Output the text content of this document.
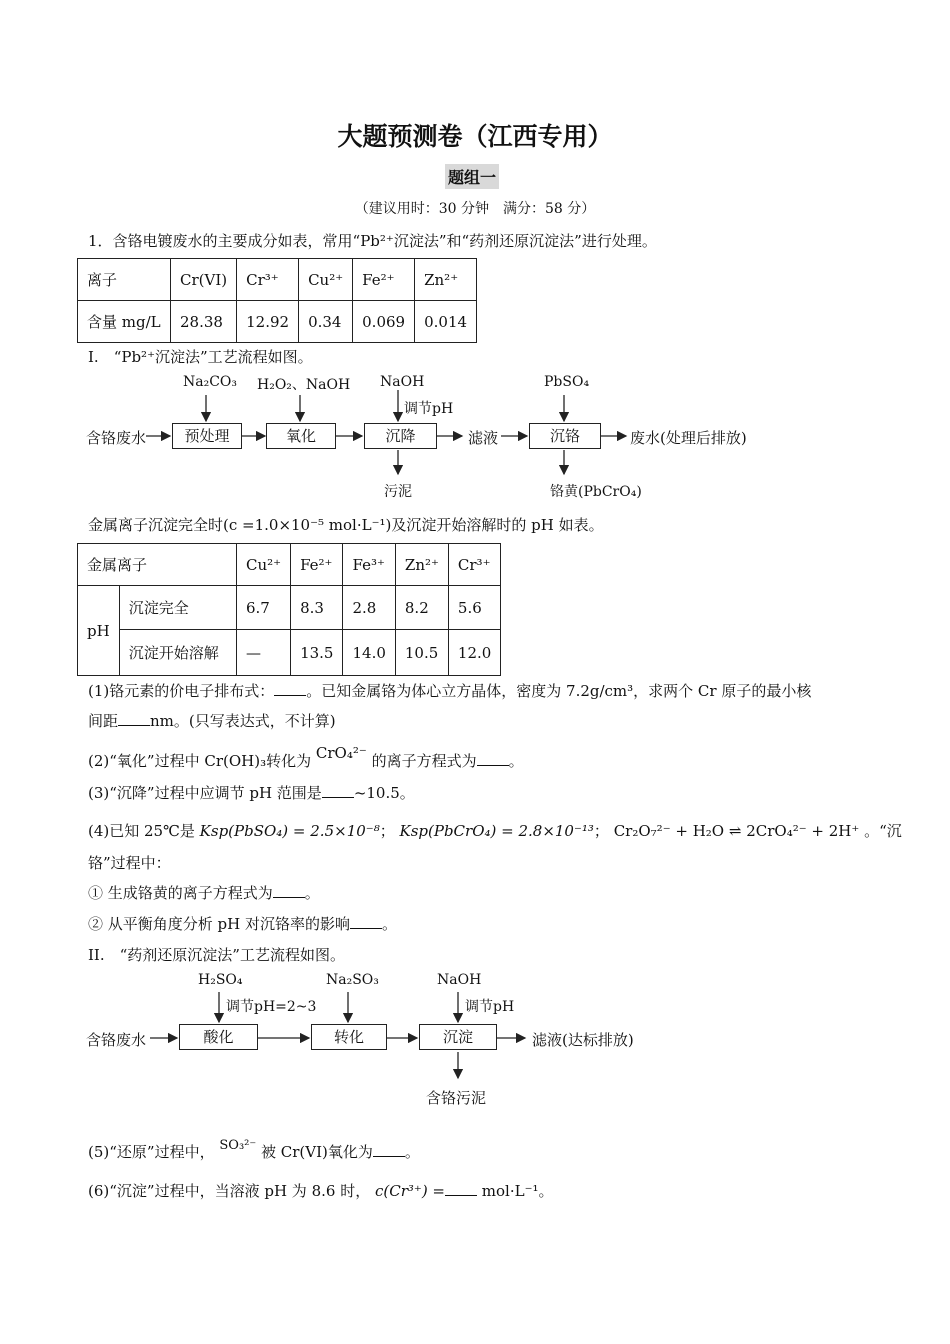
大题预测卷（江西专用）
题组一
（建议用时：30 分钟　满分：58 分）
1．含铬电镀废水的主要成分如表，常用“Pb²⁺沉淀法”和“药剂还原沉淀法”进行处理。
离子	Cr(VI)	Cr³⁺	Cu²⁺	Fe²⁺	Zn²⁺
含量 mg/L	28.38	12.92	0.34	0.069	0.014
I.　“Pb²⁺沉淀法”工艺流程如图。
含铬废水	预处理	氧化	沉降	滤液	沉铬	废水(处理后排放)
Na₂CO₃ H₂O₂、NaOH NaOH
调节pH
PbSO₄
污泥	铬黄(PbCrO₄)
金属离子沉淀完全时(c =1.0×10⁻⁵ mol·L⁻¹)及沉淀开始溶解时的 pH 如表。
金属离子		Cu²⁺	Fe²⁺	Fe³⁺	Zn²⁺	Cr³⁺
pH	沉淀完全	6.7	8.3	2.8	8.2	5.6
	沉淀开始溶解	—	13.5	14.0	10.5	12.0
(1)铬元素的价电子排布式： 。已知金属铬为体心立方晶体，密度为 7.2g/cm³，求两个 Cr 原子的最小核
间距 nm。(只写表达式，不计算)
(2)“氧化”过程中 Cr(OH)₃转化为 CrO₄²⁻ 的离子方程式为 。
(3)“沉降”过程中应调节 pH 范围是 ~10.5。
(4)已知 25℃是 Ksp(PbSO₄) = 2.5×10⁻⁸； Ksp(PbCrO₄) = 2.8×10⁻¹³； Cr₂O₇²⁻ + H₂O ⇌ 2CrO₄²⁻ + 2H⁺ 。“沉
铬”过程中：
① 生成铬黄的离子方程式为 。
② 从平衡角度分析 pH 对沉铬率的影响 。
II.　“药剂还原沉淀法”工艺流程如图。
含铬废水	酸化	转化	沉淀	滤液(达标排放)
H₂SO₄
调节pH=2~3
Na₂SO₃	NaOH
调节pH
含铬污泥
(5)“还原”过程中， SO₃²⁻ 被 Cr(VI)氧化为 。
(6)“沉淀”过程中，当溶液 pH 为 8.6 时， c(Cr³⁺) = mol·L⁻¹。
